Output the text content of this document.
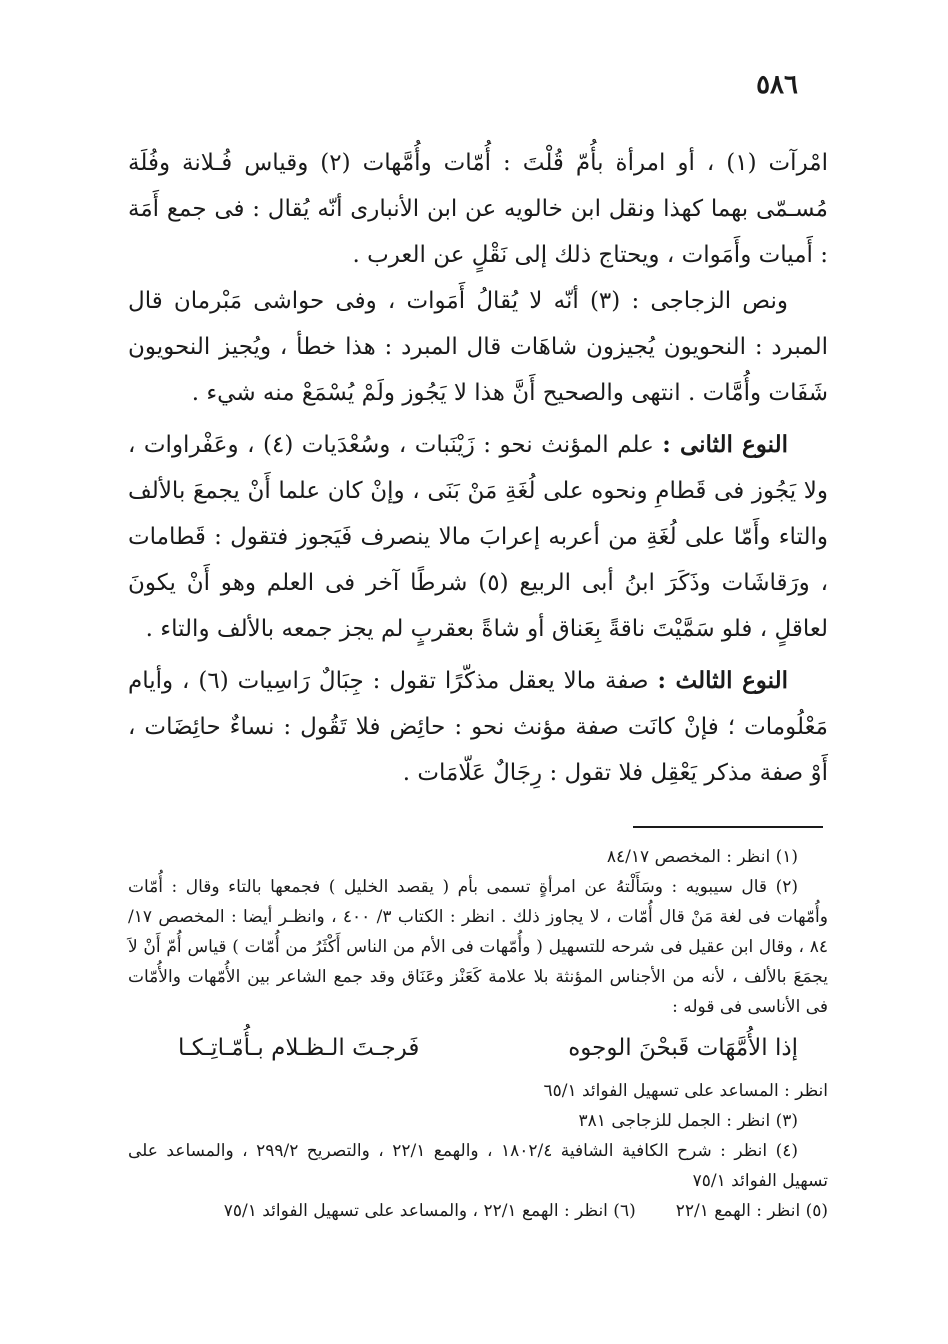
٥٨٦

امْرآت (١) ، أو امرأة بأُمّ قُلْتَ : أُمّات وأُمَّهات (٢) وقياس فُـلانة وفُلَة مُسـمّى بهما كهذا ونقل ابن خالويه عن ابن الأنبارى أنّه يُقال : فى جمع أَمَة : أَميات وأَمَوات ، ويحتاج ذلك إلى نَقْلٍ عن العرب .

ونص الزجاجى : (٣) أنّه لا يُقالُ أَمَوات ، وفى حواشى مَبْرمان قال المبرد : النحويون يُجيزون شاهَات قال المبرد : هذا خطأ ، ويُجيز النحويون شَفَات وأُمَّات . انتهى والصحيح أَنَّ هذا لا يَجُوز ولَمْ يُسْمَعْ منه شيء .

النوع الثانى : علم المؤنث نحو : زَيْنَبات ، وسُعْدَيات (٤) ، وعَفْراوات ، ولا يَجُوز فى قَطامِ ونحوه على لُغَةِ مَنْ بَنَى ، وإنْ كان علما أَنْ يجمعَ بالألف والتاء وأَمّا على لُغَةِ من أعربه إعرابَ مالا ينصرف فَيَجوز فتقول : قَطامات ، ورَقاشَات وذَكَرَ ابنُ أبى الربيع (٥) شرطًا آخر فى العلم وهو أَنْ يكونَ لعاقلٍ ، فلو سَمَّيْتَ ناقةً بِعَناق أو شاةً بعقربٍ لم يجز جمعه بالألف والتاء .

النوع الثالث : صفة مالا يعقل مذكّرًا تقول : جِبَالٌ رَاسِيات (٦) ، وأيام مَعْلُومات ؛ فإنْ كانَت صفة مؤنث نحو : حائِض فلا تَقُول : نساءٌ حائِضَات ، أَوْ صفة مذكر يَعْقِل فلا تقول : رِجَالٌ عَلّامَات .

(١) انظر : المخصص ٨٤/١٧

(٢) قال سيبويه : وسَأَلْتهُ عن امرأةٍ تسمى بأم ( يقصد الخليل ) فجمعها بالتاء وقال : أُمّات وأُمّهات فى لغة مَنْ قال أُمّات ، لا يجاوز ذلك . انظر : الكتاب ٣/ ٤٠٠ ، وانظـر أيضا : المخصص ١٧/ ٨٤ ، وقال ابن عقيل فى شرحه للتسهيل ( وأُمّهات فى الأم من الناس أَكْثَرُ من أُمّات ) قياس أُمّ أَنْ لاَ يجمَعَ بالألف ، لأنه من الأجناس المؤنثة بلا علامة كَعَنْز وعَنَاق وقد جمع الشاعر بين الأُمّهات والأُمّات فى الأناسى فى قوله :

إذا الأُمَّهَات قَبحْنَ الوجوه
فَرجـتَ الـظـلام بـأُمّـاتِـكـا

انظر : المساعد على تسهيل الفوائد ٦٥/١

(٣) انظر : الجمل للزجاجى ٣٨١

(٤) انظر : شرح الكافية الشافية ١٨٠٢/٤ ، والهمع ٢٢/١ ، والتصريح ٢٩٩/٢ ، والمساعد على تسهيل الفوائد ٧٥/١

(٥) انظر : الهمع ٢٢/١
(٦) انظر : الهمع ٢٢/١ ، والمساعد على تسهيل الفوائد ٧٥/١
